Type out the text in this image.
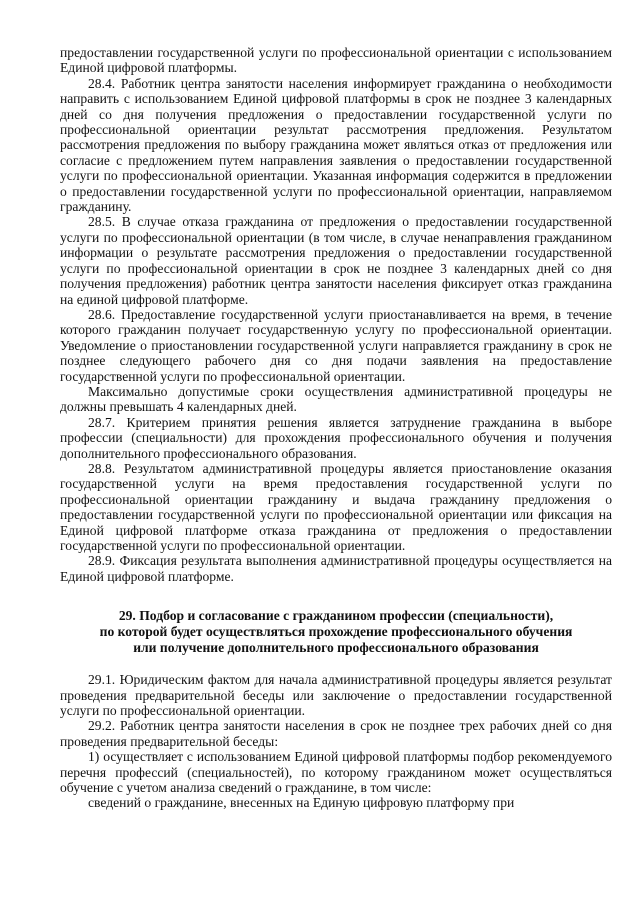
предоставлении государственной услуги по профессиональной ориентации с использованием Единой цифровой платформы.

28.4. Работник центра занятости населения информирует гражданина о необходимости направить с использованием Единой цифровой платформы в срок не позднее 3 календарных дней со дня получения предложения о предоставлении государственной услуги по профессиональной ориентации результат рассмотрения предложения. Результатом рассмотрения предложения по выбору гражданина может являться отказ от предложения или согласие с предложением путем направления заявления о предоставлении государственной услуги по профессиональной ориентации. Указанная информация содержится в предложении о предоставлении государственной услуги по профессиональной ориентации, направляемом гражданину.

28.5. В случае отказа гражданина от предложения о предоставлении государственной услуги по профессиональной ориентации (в том числе, в случае ненаправления гражданином информации о результате рассмотрения предложения о предоставлении государственной услуги по профессиональной ориентации в срок не позднее 3 календарных дней со дня получения предложения) работник центра занятости населения фиксирует отказ гражданина на единой цифровой платформе.

28.6. Предоставление государственной услуги приостанавливается на время, в течение которого гражданин получает государственную услугу по профессиональной ориентации. Уведомление о приостановлении государственной услуги направляется гражданину в срок не позднее следующего рабочего дня со дня подачи заявления на предоставление государственной услуги по профессиональной ориентации.

Максимально допустимые сроки осуществления административной процедуры не должны превышать 4 календарных дней.

28.7. Критерием принятия решения является затруднение гражданина в выборе профессии (специальности) для прохождения профессионального обучения и получения дополнительного профессионального образования.

28.8. Результатом административной процедуры является приостановление оказания государственной услуги на время предоставления государственной услуги по профессиональной ориентации гражданину и выдача гражданину предложения о предоставлении государственной услуги по профессиональной ориентации или фиксация на Единой цифровой платформе отказа гражданина от предложения о предоставлении государственной услуги по профессиональной ориентации.

28.9. Фиксация результата выполнения административной процедуры осуществляется на Единой цифровой платформе.

29. Подбор и согласование с гражданином профессии (специальности),
по которой будет осуществляться прохождение профессионального обучения
или получение дополнительного профессионального образования

29.1. Юридическим фактом для начала административной процедуры является результат проведения предварительной беседы или заключение о предоставлении государственной услуги по профессиональной ориентации.

29.2. Работник центра занятости населения в срок не позднее трех рабочих дней со дня проведения предварительной беседы:

1) осуществляет с использованием Единой цифровой платформы подбор рекомендуемого перечня профессий (специальностей), по которому гражданином может осуществляться обучение с учетом анализа сведений о гражданине, в том числе:

сведений о гражданине, внесенных на Единую цифровую платформу при
